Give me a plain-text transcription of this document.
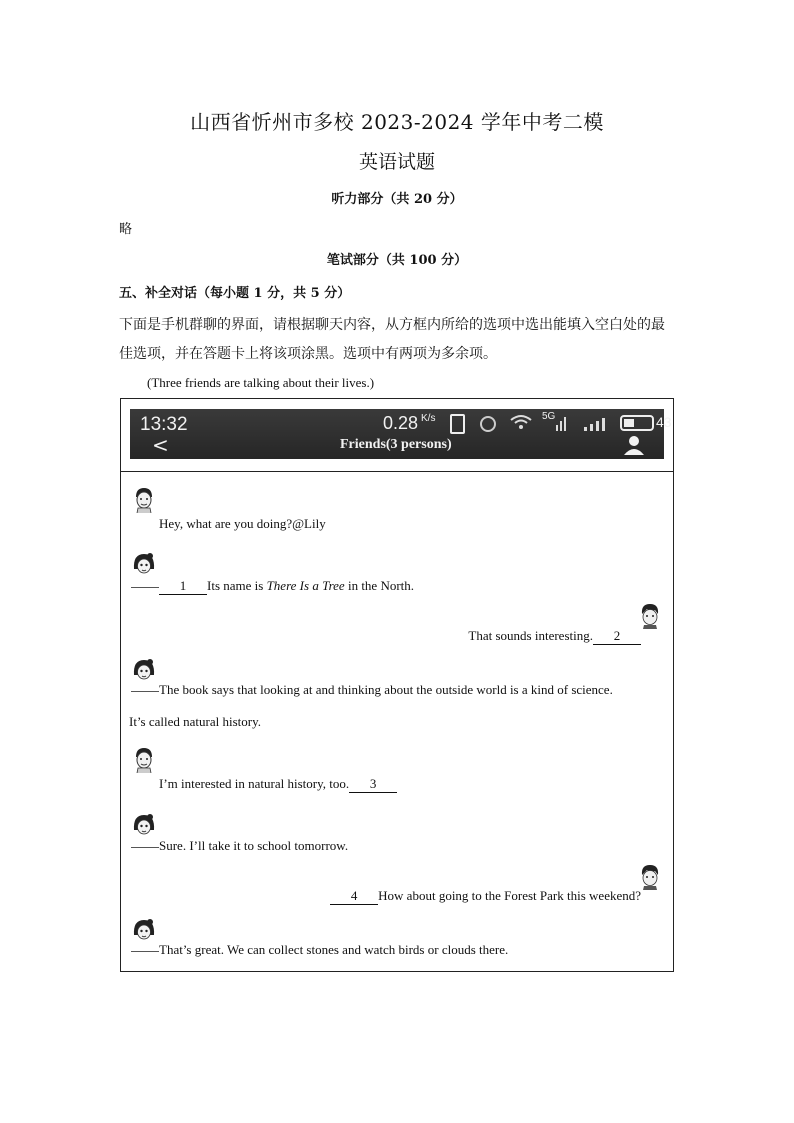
山西省忻州市多校 2023-2024 学年中考二模
英语试题
听力部分（共 20 分）
略
笔试部分（共 100 分）
五、补全对话（每小题 1 分，共 5 分）
下面是手机群聊的界面，请根据聊天内容，从方框内所给的选项中选出能填入空白处的最
佳选项，并在答题卡上将该项涂黑。选项中有两项为多余项。
(Three friends are talking about their lives.)
13:32
<
0.28 K/s	5G	43
Friends(3 persons)
Hey, what are you doing?@Lily
1 Its name is There Is a Tree in the North.
That sounds interesting. 2
The book says that looking at and thinking about the outside world is a kind of science.
It’s called natural history.
I’m interested in natural history, too. 3
Sure. I’ll take it to school tomorrow.
4 How about going to the Forest Park this weekend?
That’s great. We can collect stones and watch birds or clouds there.
